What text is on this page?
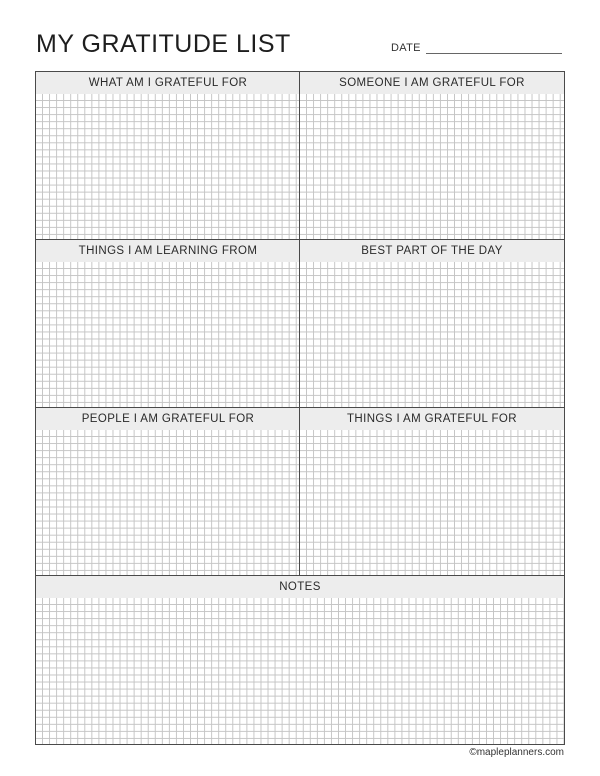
MY GRATITUDE LIST	DATE
WHAT AM I GRATEFUL FOR	SOMEONE I AM GRATEFUL FOR
THINGS I AM LEARNING FROM	BEST PART OF THE DAY
PEOPLE I AM GRATEFUL FOR	THINGS I AM GRATEFUL FOR
NOTES
©mapleplanners.com
